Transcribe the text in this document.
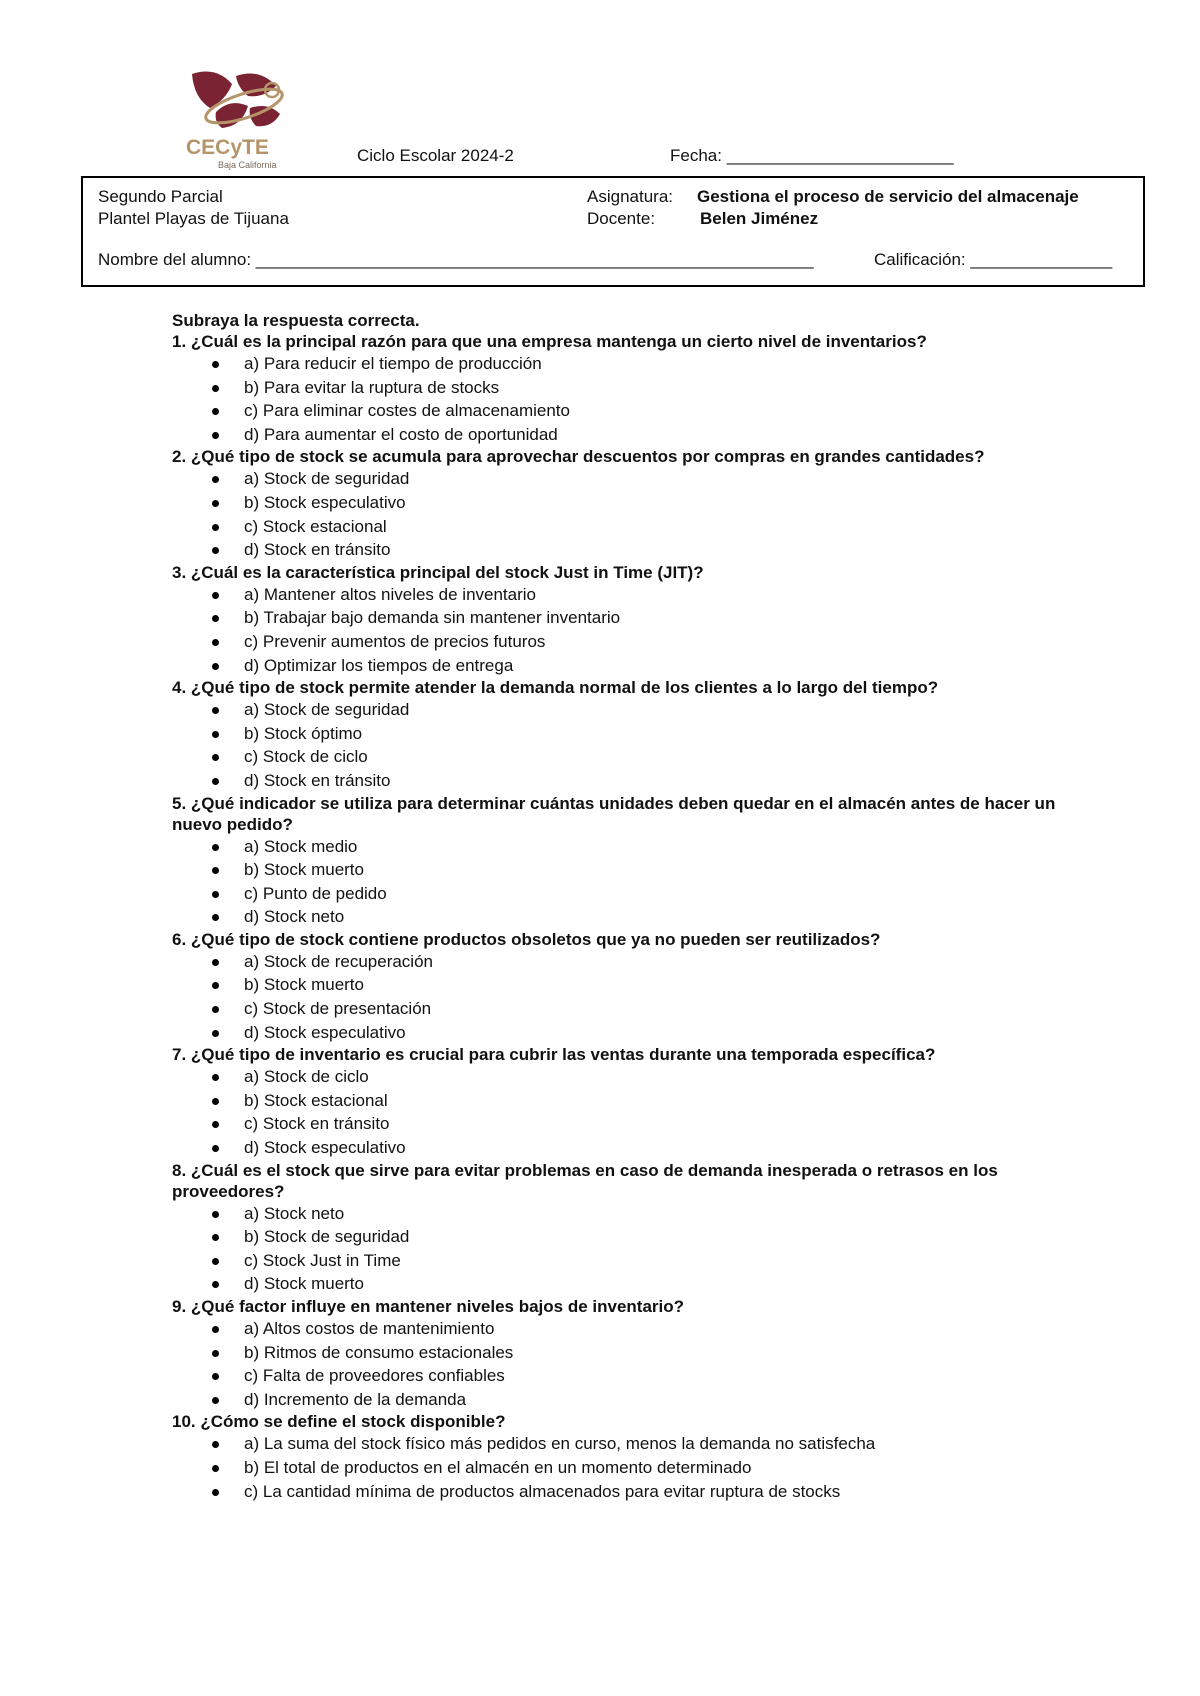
CECyTE
Baja California	Ciclo Escolar 2024-2	Fecha: ________________________
Segundo Parcial
Plantel Playas de Tijuana
Asignatura: Gestiona el proceso de servicio del almacenaje
Docente:	Belen Jiménez
Nombre del alumno: ___________________________________________________________	Calificación: _______________

Subraya la respuesta correcta.

1. ¿Cuál es la principal razón para que una empresa mantenga un cierto nivel de inventarios?

a) Para reducir el tiempo de producción
b) Para evitar la ruptura de stocks
c) Para eliminar costes de almacenamiento
d) Para aumentar el costo de oportunidad

2. ¿Qué tipo de stock se acumula para aprovechar descuentos por compras en grandes cantidades?

a) Stock de seguridad
b) Stock especulativo
c) Stock estacional
d) Stock en tránsito

3. ¿Cuál es la característica principal del stock Just in Time (JIT)?

a) Mantener altos niveles de inventario
b) Trabajar bajo demanda sin mantener inventario
c) Prevenir aumentos de precios futuros
d) Optimizar los tiempos de entrega

4. ¿Qué tipo de stock permite atender la demanda normal de los clientes a lo largo del tiempo?

a) Stock de seguridad
b) Stock óptimo
c) Stock de ciclo
d) Stock en tránsito

5. ¿Qué indicador se utiliza para determinar cuántas unidades deben quedar en el almacén antes de hacer un nuevo pedido?

a) Stock medio
b) Stock muerto
c) Punto de pedido
d) Stock neto

6. ¿Qué tipo de stock contiene productos obsoletos que ya no pueden ser reutilizados?

a) Stock de recuperación
b) Stock muerto
c) Stock de presentación
d) Stock especulativo

7. ¿Qué tipo de inventario es crucial para cubrir las ventas durante una temporada específica?

a) Stock de ciclo
b) Stock estacional
c) Stock en tránsito
d) Stock especulativo

8. ¿Cuál es el stock que sirve para evitar problemas en caso de demanda inesperada o retrasos en los proveedores?

a) Stock neto
b) Stock de seguridad
c) Stock Just in Time
d) Stock muerto

9. ¿Qué factor influye en mantener niveles bajos de inventario?

a) Altos costos de mantenimiento
b) Ritmos de consumo estacionales
c) Falta de proveedores confiables
d) Incremento de la demanda

10. ¿Cómo se define el stock disponible?

a) La suma del stock físico más pedidos en curso, menos la demanda no satisfecha
b) El total de productos en el almacén en un momento determinado
c) La cantidad mínima de productos almacenados para evitar ruptura de stocks
